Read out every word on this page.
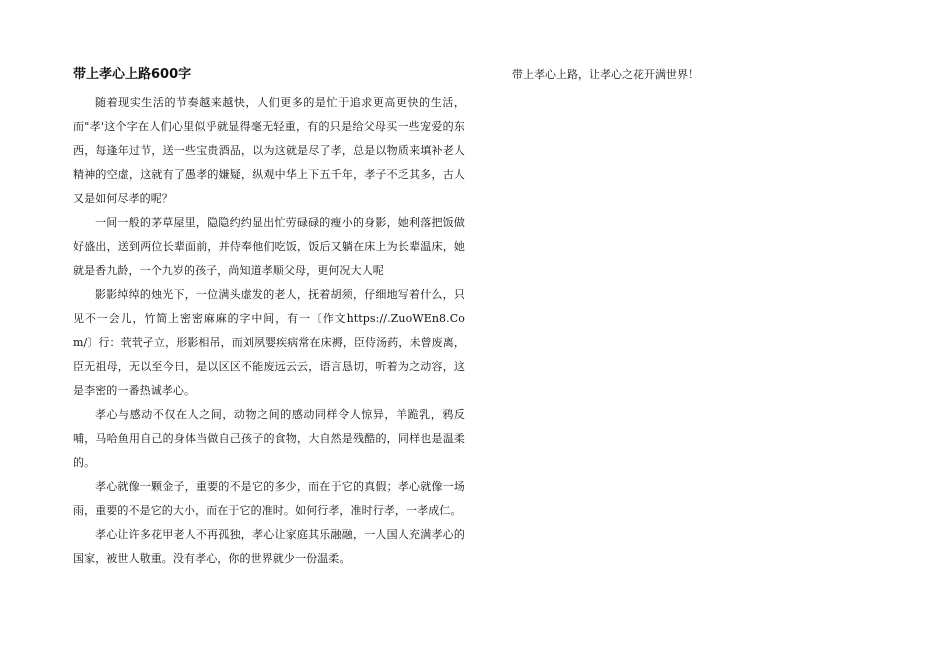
带上孝心上路600字

随着现实生活的节奏越来越快，人们更多的是忙于追求更高更快的生活，而"孝'这个字在人们心里似乎就显得毫无轻重，有的只是给父母买一些宠爱的东西，每逢年过节，送一些宝贵酒品，以为这就是尽了孝，总是以物质来填补老人精神的空虚，这就有了愚孝的嫌疑，纵观中华上下五千年，孝子不乏其多，古人又是如何尽孝的呢？

一间一般的茅草屋里，隐隐约约显出忙劳碌碌的瘦小的身影，她利落把饭做好盛出，送到两位长辈面前，并侍奉他们吃饭，饭后又躺在床上为长辈温床，她就是香九龄，一个九岁的孩子，尚知道孝顺父母，更何况大人呢

影影绰绰的烛光下，一位满头虚发的老人，抚着胡须，仔细地写着什么，只见不一会儿，竹简上密密麻麻的字中间，有一〔作文https://.ZuoWEn8.Com/〕行：茕茕孑立，形影相吊，而刘夙婴疾病常在床褥，臣侍汤药，未曾废离，臣无祖母，无以至今日，是以区区不能废远云云，语言恳切，听着为之动容，这是李密的一番热诚孝心。

孝心与感动不仅在人之间，动物之间的感动同样令人惊异，羊跪乳，鸦反哺，马哈鱼用自己的身体当做自己孩子的食物，大自然是残酷的，同样也是温柔的。

孝心就像一颗金子，重要的不是它的多少，而在于它的真假；孝心就像一场雨，重要的不是它的大小，而在于它的准时。如何行孝，准时行孝，一孝成仁。

孝心让许多花甲老人不再孤独，孝心让家庭其乐融融，一人国人充满孝心的国家，被世人敬重。没有孝心，你的世界就少一份温柔。

带上孝心上路，让孝心之花开满世界！
